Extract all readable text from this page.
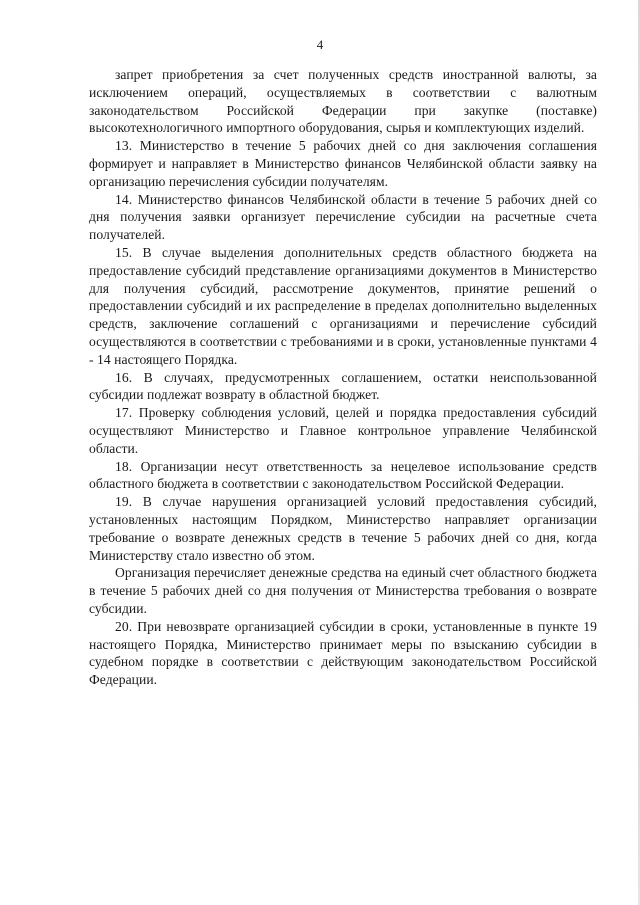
4

запрет приобретения за счет полученных средств иностранной валюты, за исключением операций, осуществляемых в соответствии с валютным законодательством Российской Федерации при закупке (поставке) высокотехнологичного импортного оборудования, сырья и комплектующих изделий.

13. Министерство в течение 5 рабочих дней со дня заключения соглашения формирует и направляет в Министерство финансов Челябинской области заявку на организацию перечисления субсидии получателям.

14. Министерство финансов Челябинской области в течение 5 рабочих дней со дня получения заявки организует перечисление субсидии на расчетные счета получателей.

15. В случае выделения дополнительных средств областного бюджета на предоставление субсидий представление организациями документов в Министерство для получения субсидий, рассмотрение документов, принятие решений о предоставлении субсидий и их распределение в пределах дополнительно выделенных средств, заключение соглашений с организациями и перечисление субсидий осуществляются в соответствии с требованиями и в сроки, установленные пунктами 4 - 14 настоящего Порядка.

16. В случаях, предусмотренных соглашением, остатки неиспользованной субсидии подлежат возврату в областной бюджет.

17. Проверку соблюдения условий, целей и порядка предоставления субсидий осуществляют Министерство и Главное контрольное управление Челябинской области.

18. Организации несут ответственность за нецелевое использование средств областного бюджета в соответствии с законодательством Российской Федерации.

19. В случае нарушения организацией условий предоставления субсидий, установленных настоящим Порядком, Министерство направляет организации требование о возврате денежных средств в течение 5 рабочих дней со дня, когда Министерству стало известно об этом.

Организация перечисляет денежные средства на единый счет областного бюджета в течение 5 рабочих дней со дня получения от Министерства требования о возврате субсидии.

20. При невозврате организацией субсидии в сроки, установленные в пункте 19 настоящего Порядка, Министерство принимает меры по взысканию субсидии в судебном порядке в соответствии с действующим законодательством Российской Федерации.
